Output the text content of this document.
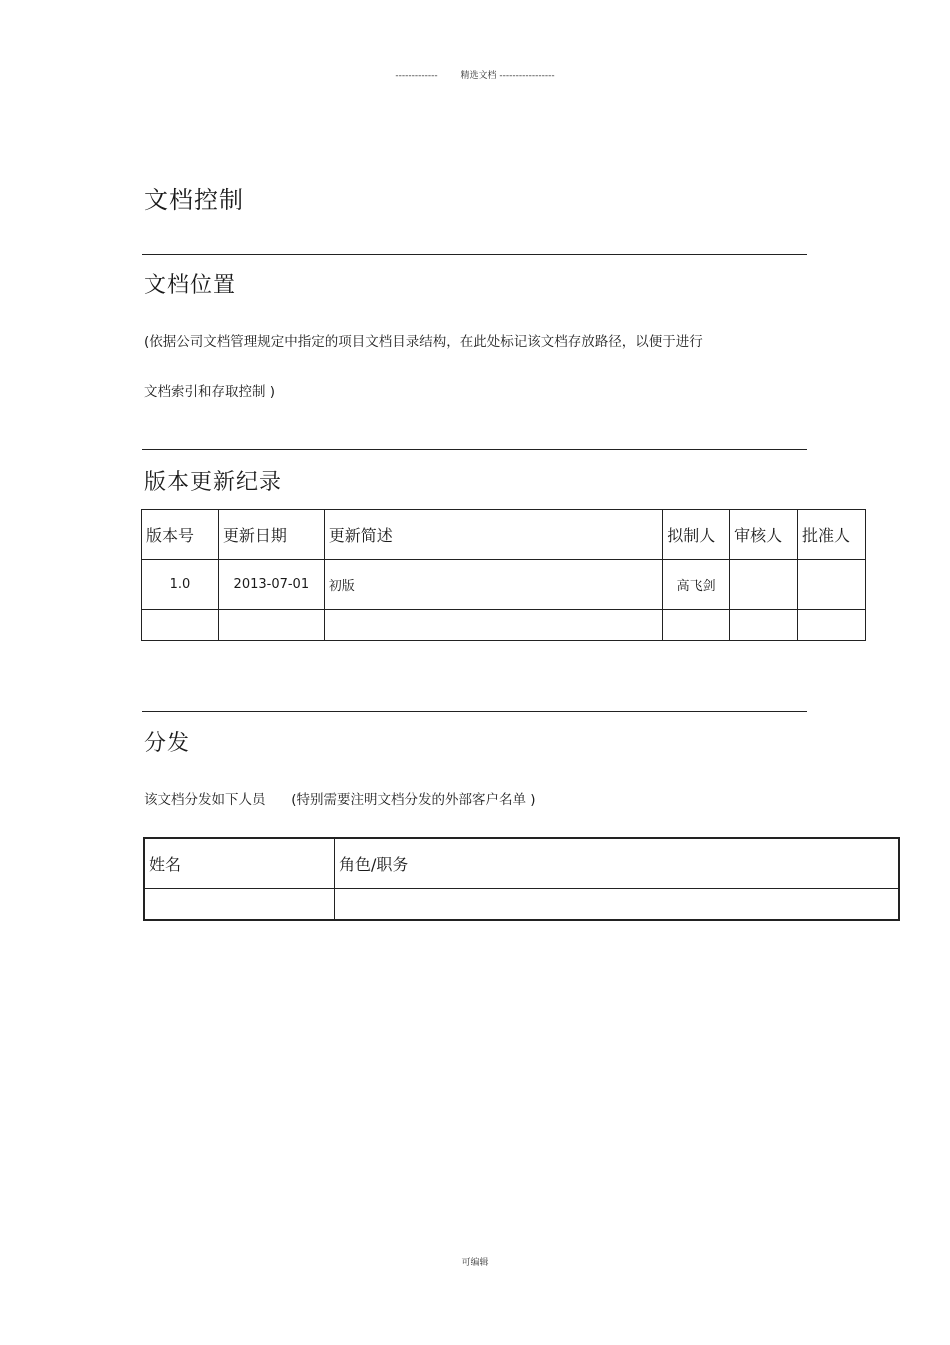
-------------	精选文档 -----------------
文档控制
文档位置
(依据公司文档管理规定中指定的项目文档目录结构，在此处标记该文档存放路径，以便于进行
文档索引和存取控制 )
版本更新纪录
版本号	更新日期	更新简述	拟制人	审核人	批准人
1.0	2013-07-01	初版	高飞剑		

分发
该文档分发如下人员 (特别需要注明文档分发的外部客户名单 )
姓名	角色/职务

可编辑
